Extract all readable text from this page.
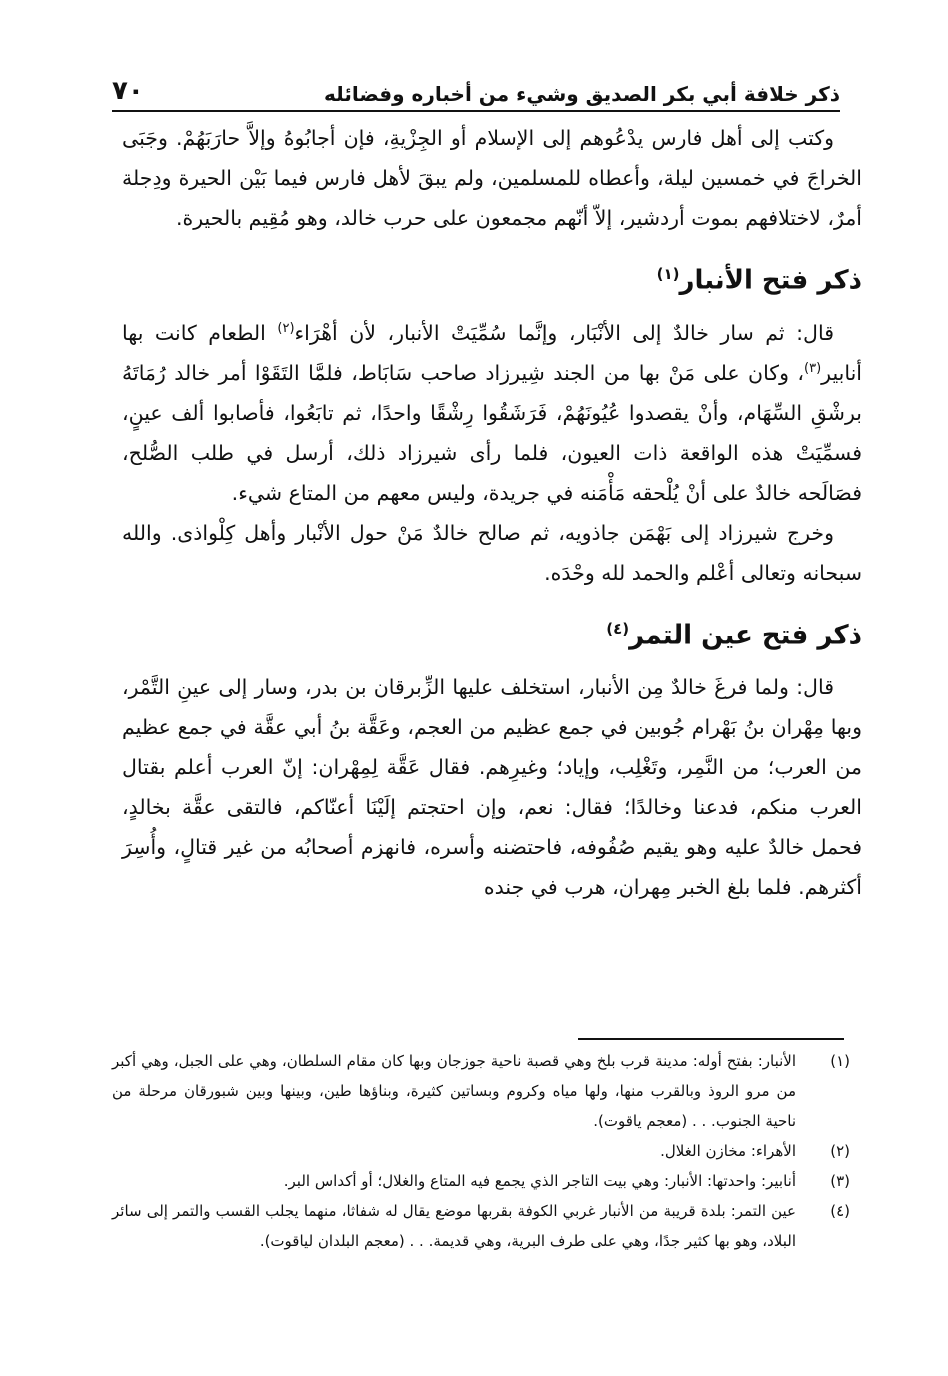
ذكر خلافة أبي بكر الصديق وشيء من أخباره وفضائله
٧٠

وكتب إلى أهل فارس يدْعُوهم إلى الإسلام أو الجِزْيةِ، فإن أجابُوهُ وإلاَّ حارَبَهُمْ. وجَبَى الخراجَ في خمسين ليلة، وأعطاه للمسلمين، ولم يبقَ لأهل فارس فيما بَيْن الحيرة ودِجلة أمرٌ، لاختلافهم بموت أردشير، إلاّ أنّهم مجمعون على حرب خالد، وهو مُقِيم بالحيرة.

ذكر فتح الأنبار$^{(١)}$

قال: ثم سار خالدٌ إلى الأنْبَار، وإنَّما سُمِّيَتْ الأنبار، لأن أهْرَاء$^{(٢)}$ الطعام كانت بها أنابير$^{(٣)}$، وكان على مَنْ بها من الجند شِيرزاد صاحب سَابَاط، فلمَّا التَقَوْا أمر خالد رُمَاتَهُ برشْقِ السِّهَام، وأنْ يقصدوا عُيُونَهُمْ، فَرَشَقُوا رِشْقًا واحدًا، ثم تابَعُوا، فأصابوا ألف عينٍ، فسمِّيَتْ هذه الواقعة ذات العيون، فلما رأى شيرزاد ذلك، أرسل في طلب الصُّلح، فصَالَحه خالدٌ على أنْ يُلْحقه مَأْمَنه في جريدة، وليس معهم من المتاع شيء.

وخرج شيرزاد إلى بَهْمَن جاذويه، ثم صالح خالدٌ مَنْ حول الأنْبار وأهل كِلْواذى. والله سبحانه وتعالى أعْلم والحمد لله وحْدَه.

ذكر فتح عين التمر$^{(٤)}$

قال: ولما فرغَ خالدٌ مِن الأنبار، استخلف عليها الزِّبرقان بن بدر، وسار إلى عينِ التَّمْر، وبها مِهْران بنُ بَهْرام جُوبين في جمع عظيم من العجم، وعَقَّة بنُ أبي عقَّة في جمع عظيم من العرب؛ من النَّمِر، وتَغْلِب، وإياد؛ وغيرِهم. فقال عَقَّة لِمِهْران: إنّ العرب أعلم بقتال العرب منكم، فدعنا وخالدًا؛ فقال: نعم، وإن احتجتم إلَيْنَا أعنّاكم، فالتقى عقَّة بخالدٍ، فحمل خالدٌ عليه وهو يقيم صُفُوفه، فاحتضنه وأسره، فانهزم أصحابُه من غير قتالٍ، وأُسِرَ أكثرهم. فلما بلغ الخبر مِهران، هرب في جنده

(١)
الأنبار: بفتح أوله: مدينة قرب بلخ وهي قصبة ناحية جوزجان وبها كان مقام السلطان، وهي على الجبل، وهي أكبر من مرو الروذ وبالقرب منها، ولها مياه وكروم وبساتين كثيرة، وبناؤها طين، وبينها وبين شبورقان مرحلة من ناحية الجنوب. . . (معجم ياقوت).
(٢)
الأهراء: مخازن الغلال.
(٣)
أنابير: واحدتها: الأنبار: وهي بيت التاجر الذي يجمع فيه المتاع والغلال؛ أو أكداس البر.
(٤)
عين التمر: بلدة قريبة من الأنبار غربي الكوفة بقربها موضع يقال له شفاثا، منهما يجلب القسب والتمر إلى سائر البلاد، وهو بها كثير جدًا، وهي على طرف البرية، وهي قديمة. . . (معجم البلدان لياقوت).
